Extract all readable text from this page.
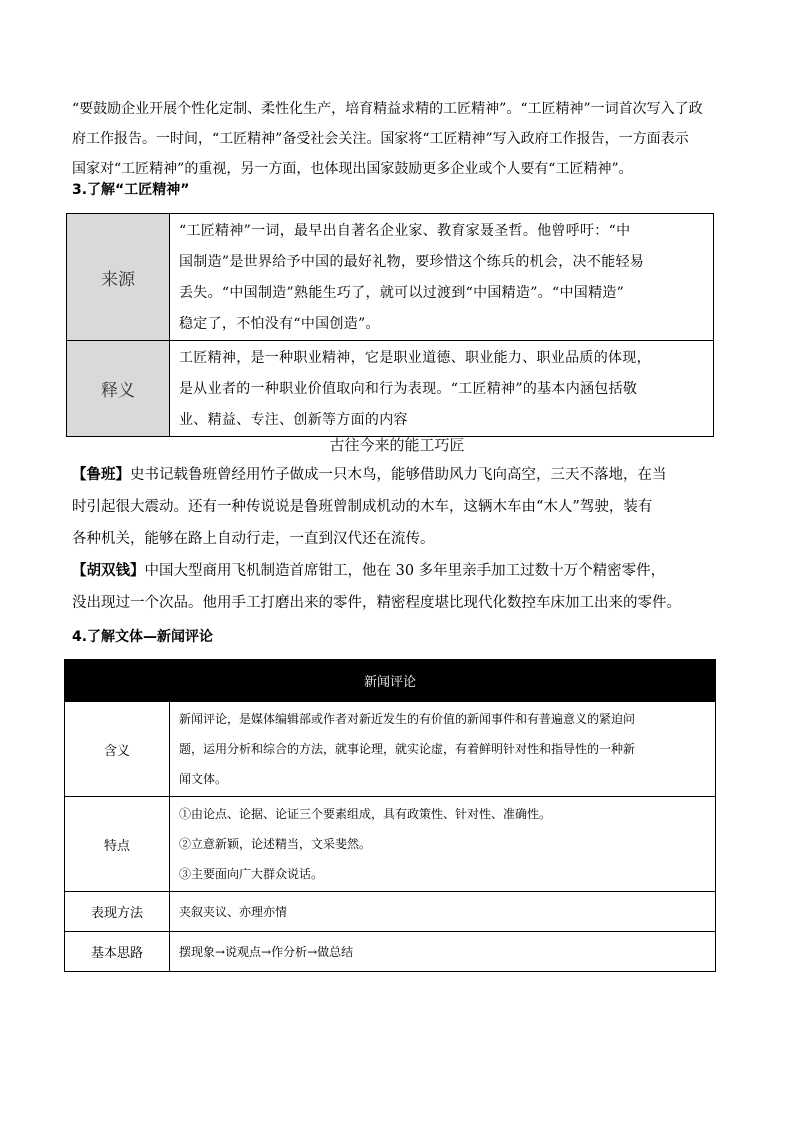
“要鼓励企业开展个性化定制、柔性化生产，培育精益求精的工匠精神”。“工匠精神”一词首次写入了政

府工作报告。一时间，“工匠精神”备受社会关注。国家将“工匠精神”写入政府工作报告，一方面表示

国家对“工匠精神”的重视，另一方面，也体现出国家鼓励更多企业或个人要有“工匠精神”。

3.了解“工匠精神”
来源	“工匠精神”一词，最早出自著名企业家、教育家聂圣哲。他曾呼吁：“中
国制造”是世界给予中国的最好礼物，要珍惜这个练兵的机会，决不能轻易
丢失。“中国制造”熟能生巧了，就可以过渡到“中国精造”。“中国精造”
稳定了，不怕没有“中国创造”。

释义	工匠精神，是一种职业精神，它是职业道德、职业能力、职业品质的体现，
是从业者的一种职业价值取向和行为表现。“工匠精神”的基本内涵包括敬
业、精益、专注、创新等方面的内容
古往今来的能工巧匠

【鲁班】史书记载鲁班曾经用竹子做成一只木鸟，能够借助风力飞向高空，三天不落地，在当

时引起很大震动。还有一种传说说是鲁班曾制成机动的木车，这辆木车由“木人”驾驶，装有

各种机关，能够在路上自动行走，一直到汉代还在流传。

【胡双钱】中国大型商用飞机制造首席钳工，他在 30 多年里亲手加工过数十万个精密零件，

没出现过一个次品。他用手工打磨出来的零件，精密程度堪比现代化数控车床加工出来的零件。

4.了解文体—新闻评论
新闻评论	
含义	新闻评论，是媒体编辑部或作者对新近发生的有价值的新闻事件和有普遍意义的紧迫问
题，运用分析和综合的方法，就事论理，就实论虚，有着鲜明针对性和指导性的一种新
闻文体。

特点	①由论点、论据、论证三个要素组成，具有政策性、针对性、准确性。
②立意新颖，论述精当，文采斐然。
③主要面向广大群众说话。

表现方法	夹叙夹议、亦理亦情

基本思路	摆现象→说观点→作分析→做总结
